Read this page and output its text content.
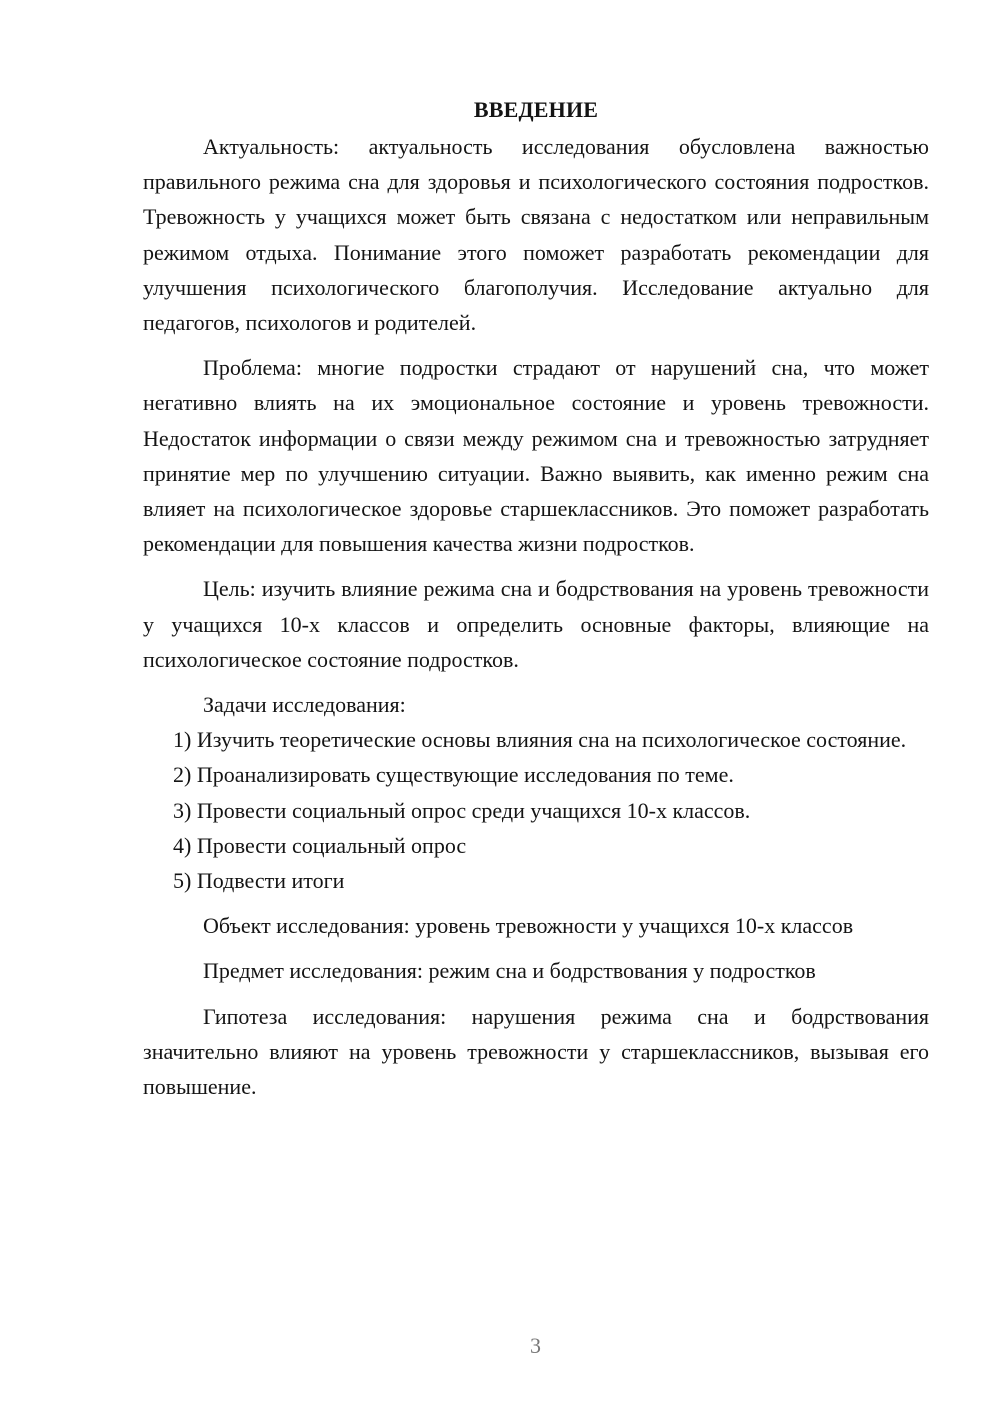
ВВЕДЕНИЕ

Актуальность: актуальность исследования обусловлена важностью правильного режима сна для здоровья и психологического состояния подростков. Тревожность у учащихся может быть связана с недостатком или неправильным режимом отдыха. Понимание этого поможет разработать рекомендации для улучшения психологического благополучия. Исследование актуально для педагогов, психологов и родителей.

Проблема: многие подростки страдают от нарушений сна, что может негативно влиять на их эмоциональное состояние и уровень тревожности. Недостаток информации о связи между режимом сна и тревожностью затрудняет принятие мер по улучшению ситуации. Важно выявить, как именно режим сна влияет на психологическое здоровье старшеклассников. Это поможет разработать рекомендации для повышения качества жизни подростков.

Цель: изучить влияние режима сна и бодрствования на уровень тревожности у учащихся 10-х классов и определить основные факторы, влияющие на психологическое состояние подростков.

Задачи исследования:

1) Изучить теоретические основы влияния сна на психологическое состояние.

2) Проанализировать существующие исследования по теме.

3) Провести социальный опрос среди учащихся 10-х классов.

4) Провести социальный опрос

5) Подвести итоги

Объект исследования: уровень тревожности у учащихся 10-х классов

Предмет исследования: режим сна и бодрствования у подростков

Гипотеза исследования: нарушения режима сна и бодрствования значительно влияют на уровень тревожности у старшеклассников, вызывая его повышение.

3
